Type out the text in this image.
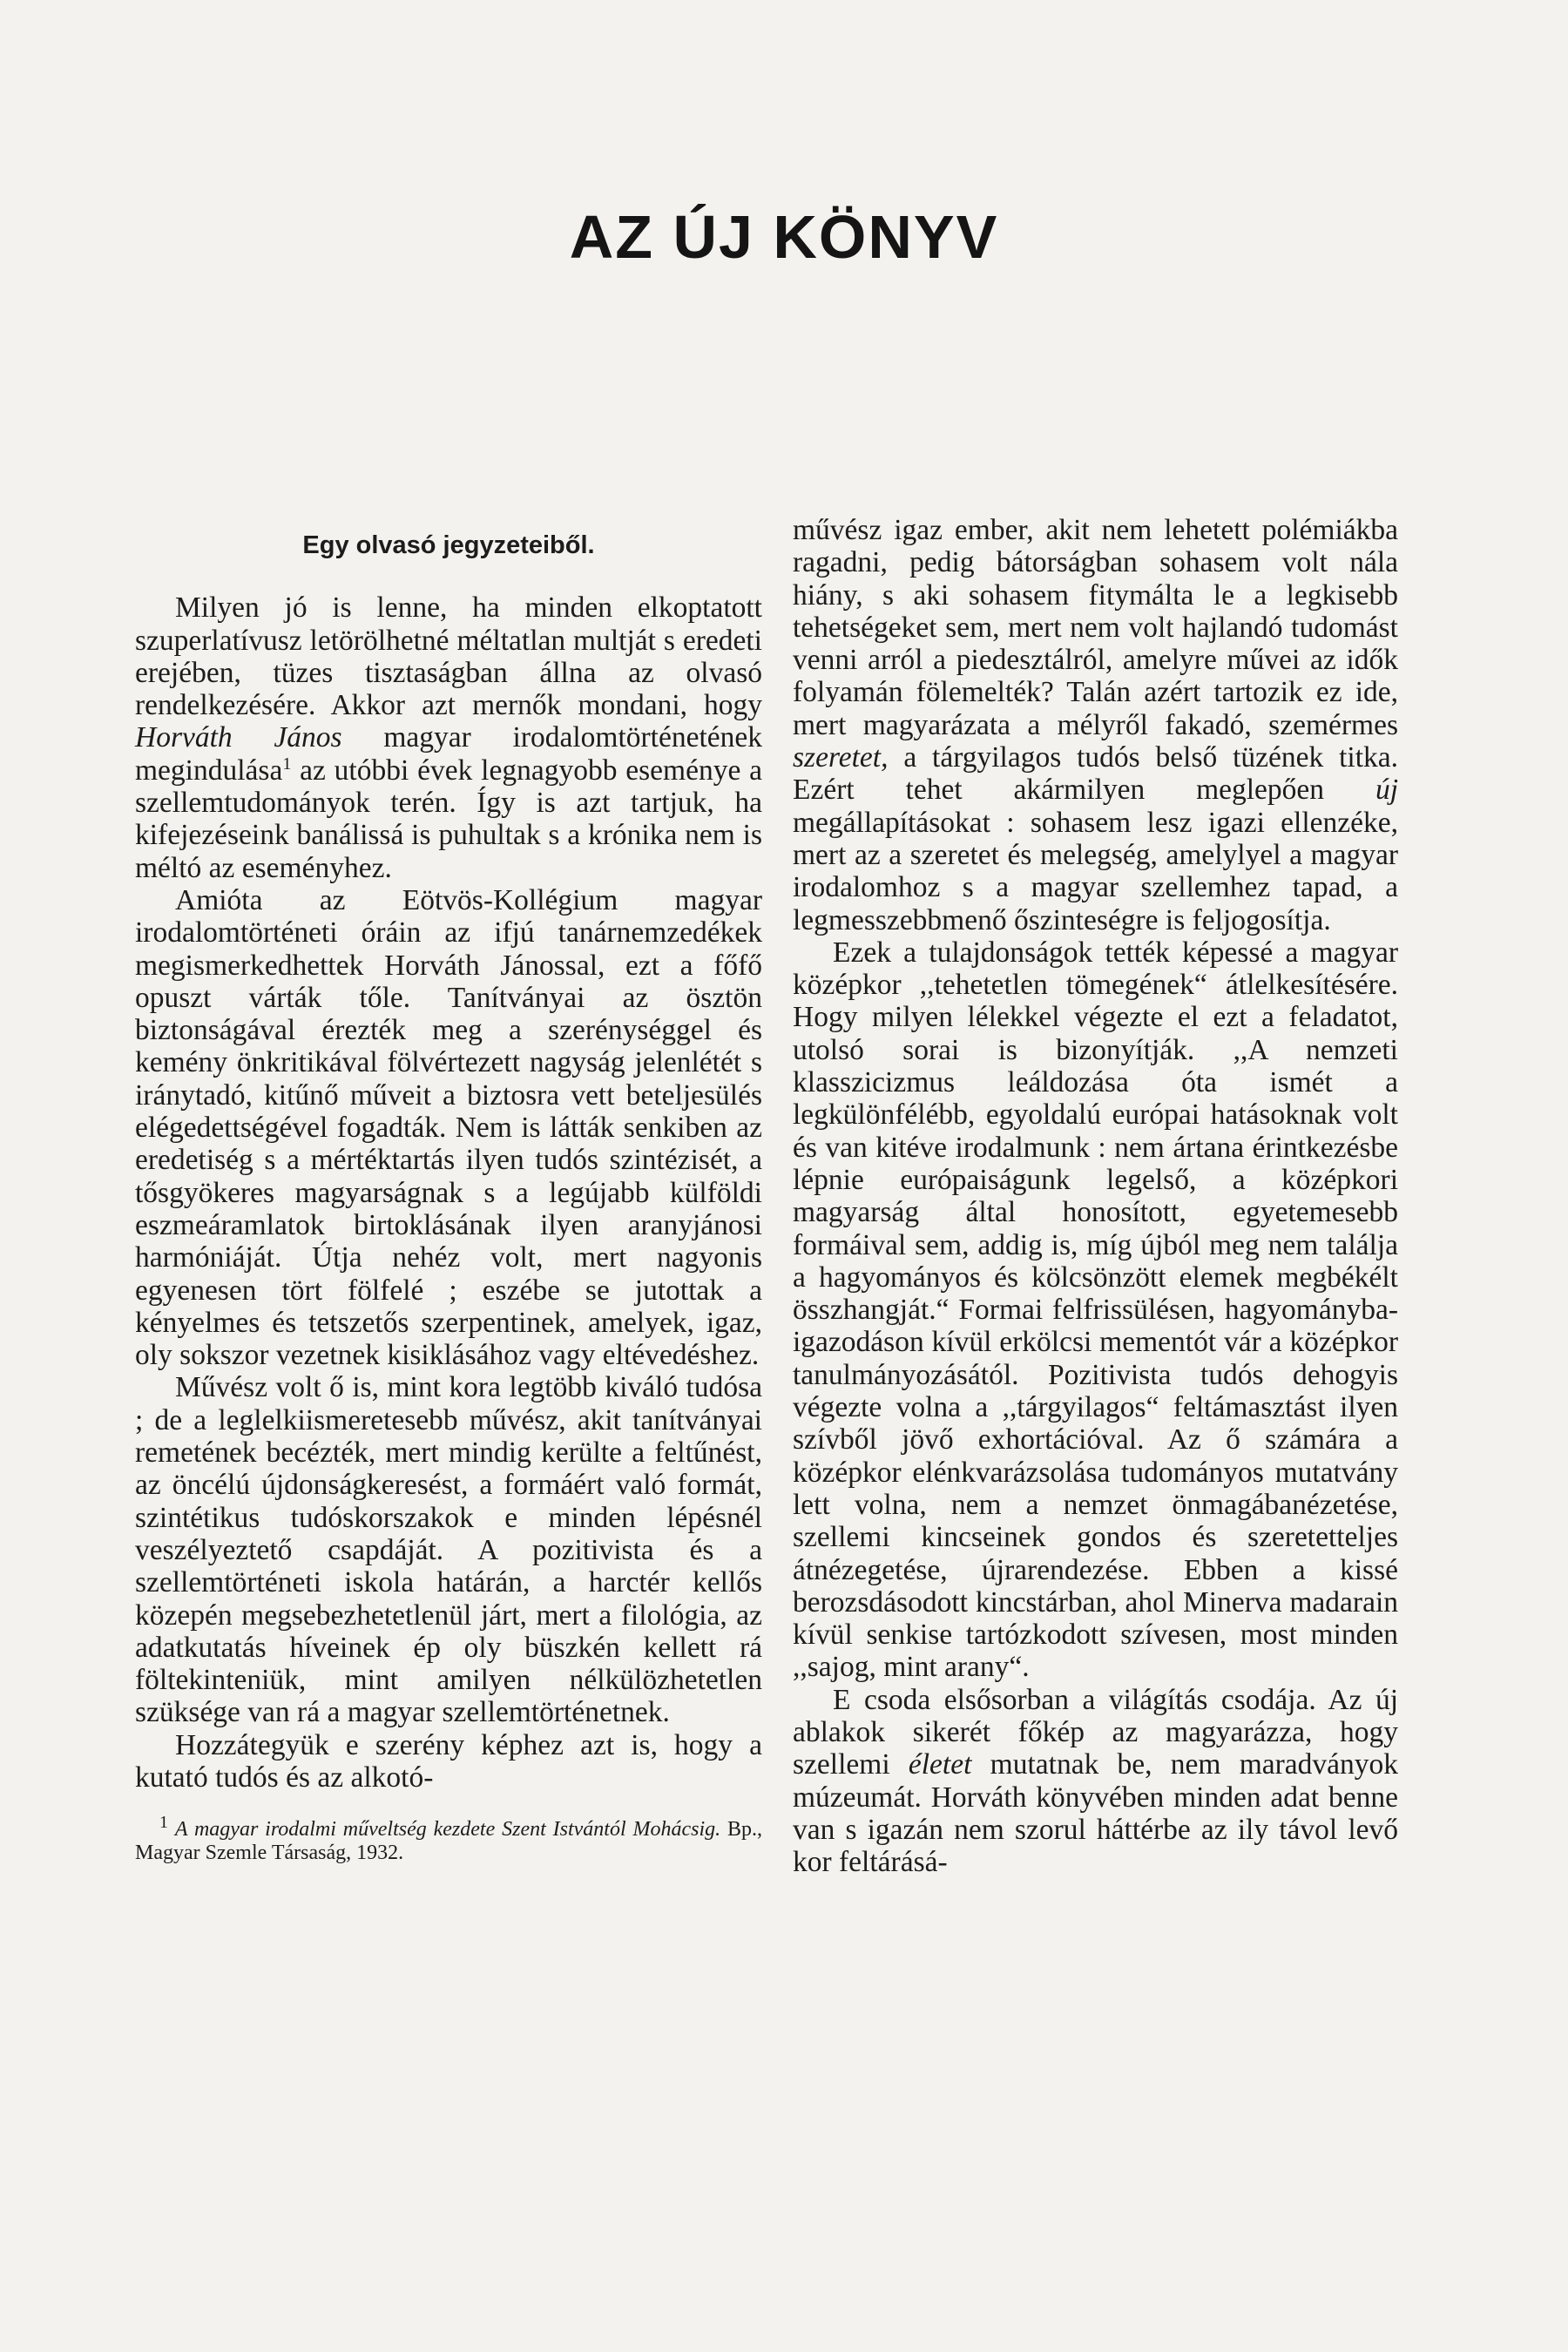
AZ ÚJ KÖNYV
Egy olvasó jegyzeteiből.

Milyen jó is lenne, ha minden elkoptatott szuperlatívusz letörölhetné méltatlan multját s eredeti erejében, tüzes tisztaságban állna az olvasó rendelkezésére. Akkor azt mernők mondani, hogy Horváth János magyar irodalomtörténetének megindulása$^1$ az utóbbi évek legnagyobb eseménye a szellemtudományok terén. Így is azt tartjuk, ha kifejezéseink banálissá is puhultak s a krónika nem is méltó az eseményhez.

Amióta az Eötvös-Kollégium magyar irodalomtörténeti óráin az ifjú tanárnemzedékek megismerkedhettek Horváth Jánossal, ezt a főfő opuszt várták tőle. Tanítványai az ösztön biztonságával érezték meg a szerénységgel és kemény önkritikával fölvértezett nagyság jelenlétét s iránytadó, kitűnő műveit a biztosra vett beteljesülés elégedettségével fogadták. Nem is látták senkiben az eredetiség s a mértéktartás ilyen tudós szintézisét, a tősgyökeres magyarságnak s a legújabb külföldi eszmeáramlatok birtoklásának ilyen aranyjánosi harmóniáját. Útja nehéz volt, mert nagyonis egyenesen tört fölfelé ; eszébe se jutottak a kényelmes és tetszetős szerpentinek, amelyek, igaz, oly sokszor vezetnek kisiklásához vagy eltévedéshez.

Művész volt ő is, mint kora legtöbb kiváló tudósa ; de a leglelkiismeretesebb művész, akit tanítványai remetének becézték, mert mindig kerülte a feltűnést, az öncélú újdonságkeresést, a formáért való formát, szintétikus tudóskorszakok e minden lépésnél veszélyeztető csapdáját. A pozitivista és a szellemtörténeti iskola határán, a harctér kellős közepén megsebezhetetlenül járt, mert a filológia, az adatkutatás híveinek ép oly büszkén kellett rá föltekinteniük, mint amilyen nélkülözhetetlen szüksége van rá a magyar szellemtörténetnek.

Hozzátegyük e szerény képhez azt is, hogy a kutató tudós és az alkotó-

$^1$ A magyar irodalmi műveltség kezdete Szent Istvántól Mohácsig. Bp., Magyar Szemle Társaság, 1932.

művész igaz ember, akit nem lehetett polémiákba ragadni, pedig bátorságban sohasem volt nála hiány, s aki sohasem fitymálta le a legkisebb tehetségeket sem, mert nem volt hajlandó tudomást venni arról a piedesztálról, amelyre művei az idők folyamán fölemelték? Talán azért tartozik ez ide, mert magyarázata a mélyről fakadó, szemérmes szeretet, a tárgyilagos tudós belső tüzének titka. Ezért tehet akármilyen meglepően új megállapításokat : sohasem lesz igazi ellenzéke, mert az a szeretet és melegség, amelylyel a magyar irodalomhoz s a magyar szellemhez tapad, a legmesszebbmenő őszinteségre is feljogosítja.

Ezek a tulajdonságok tették képessé a magyar középkor ,,tehetetlen tömegének“ átlelkesítésére. Hogy milyen lélekkel végezte el ezt a feladatot, utolsó sorai is bizonyítják. ,,A nemzeti klasszicizmus leáldozása óta ismét a legkülönfélébb, egyoldalú európai hatásoknak volt és van kitéve irodalmunk : nem ártana érintkezésbe lépnie európaiságunk legelső, a középkori magyarság által honosított, egyetemesebb formáival sem, addig is, míg újból meg nem találja a hagyományos és kölcsönzött elemek megbékélt összhangját.“ Formai felfrissülésen, hagyományba-igazodáson kívül erkölcsi mementót vár a középkor tanulmányozásától. Pozitivista tudós dehogyis végezte volna a ,,tárgyilagos“ feltámasztást ilyen szívből jövő exhortációval. Az ő számára a középkor elénkvarázsolása tudományos mutatvány lett volna, nem a nemzet önmagábanézetése, szellemi kincseinek gondos és szeretetteljes átnézegetése, újrarendezése. Ebben a kissé berozsdásodott kincstárban, ahol Minerva madarain kívül senkise tartózkodott szívesen, most minden ,,sajog, mint arany“.

E csoda elsősorban a világítás csodája. Az új ablakok sikerét főkép az magyarázza, hogy szellemi életet mutatnak be, nem maradványok múzeumát. Horváth könyvében minden adat benne van s igazán nem szorul háttérbe az ily távol levő kor feltárásá-
